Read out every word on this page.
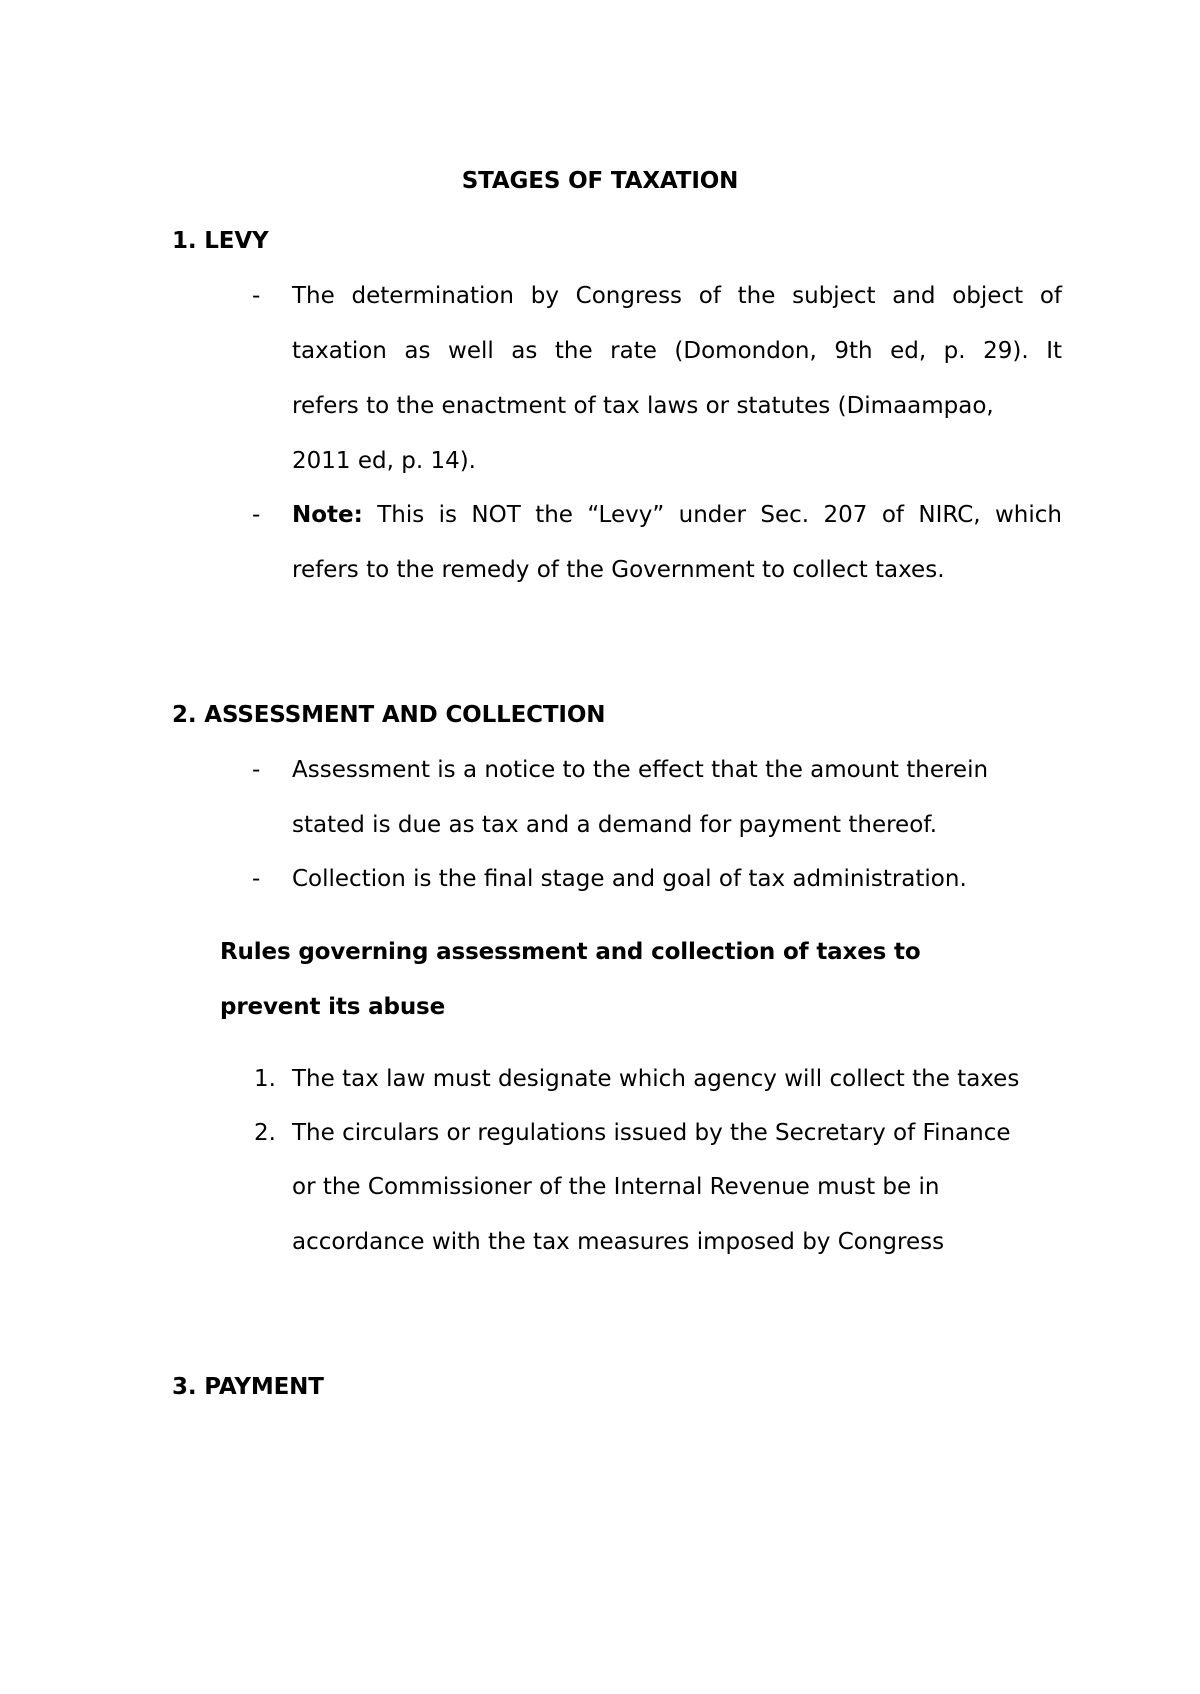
STAGES OF TAXATION
1. LEVY
- The determination by Congress of the subject and object of
taxation as well as the rate (Domondon, 9th ed, p. 29). It
refers to the enactment of tax laws or statutes (Dimaampao,
2011 ed, p. 14).
- Note: This is NOT the “Levy” under Sec. 207 of NIRC, which
refers to the remedy of the Government to collect taxes.
2. ASSESSMENT AND COLLECTION
- Assessment is a notice to the effect that the amount therein
stated is due as tax and a demand for payment thereof.
- Collection is the final stage and goal of tax administration.
Rules governing assessment and collection of taxes to
prevent its abuse
1. The tax law must designate which agency will collect the taxes
2. The circulars or regulations issued by the Secretary of Finance
or the Commissioner of the Internal Revenue must be in
accordance with the tax measures imposed by Congress
3. PAYMENT
